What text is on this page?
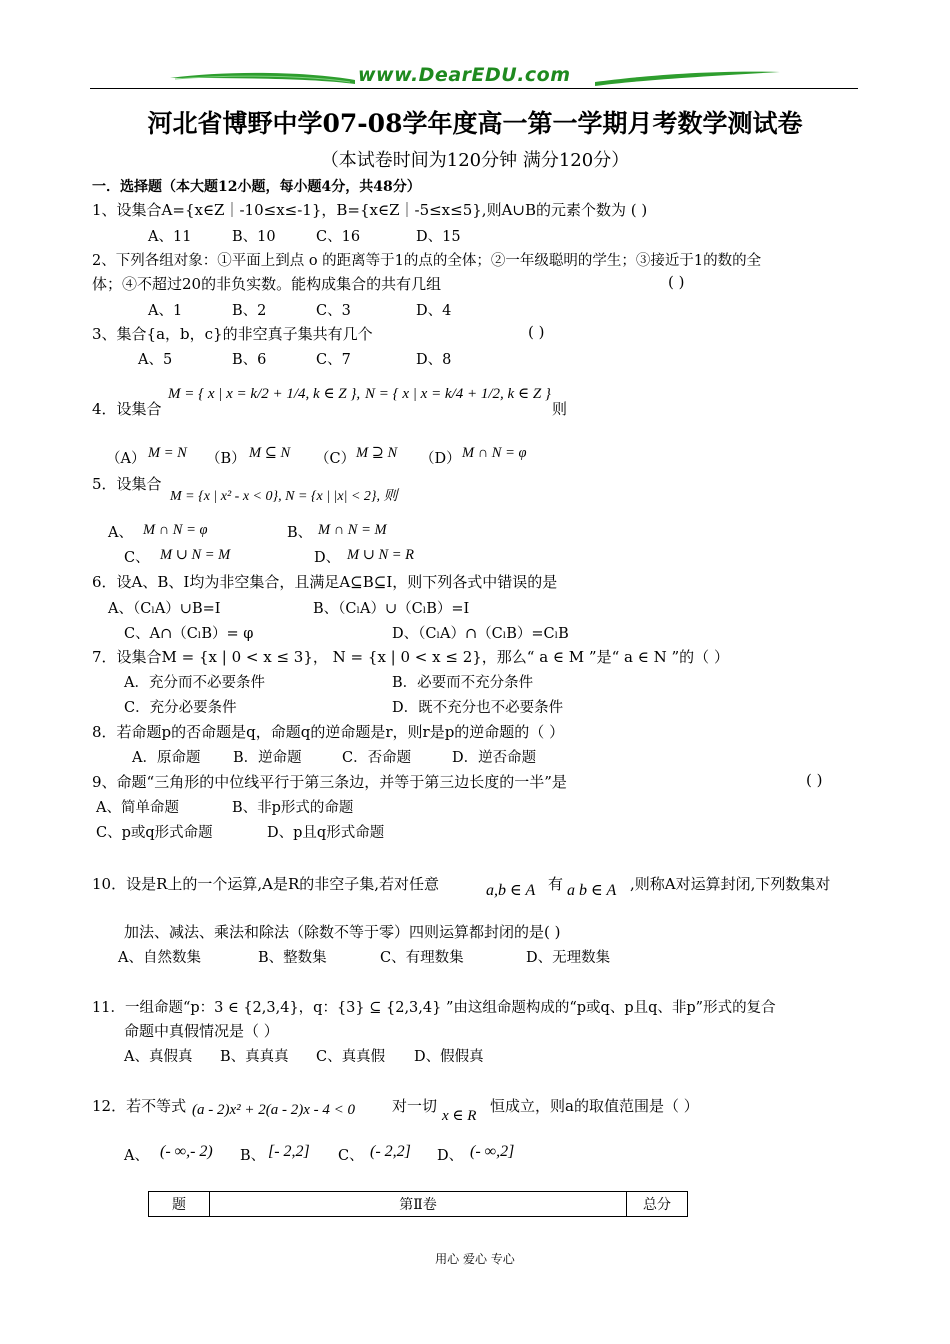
www.DearEDU.com
河北省博野中学07-08学年度高一第一学期月考数学测试卷
（本试卷时间为120分钟 满分120分）
一．选择题（本大题12小题，每小题4分，共48分）
1、设集合A={x∈Z｜-10≤x≤-1}，B={x∈Z｜-5≤x≤5},则A∪B的元素个数为 ( )
A、11	B、10	C、16	D、15
2、下列各组对象：①平面上到点 o 的距离等于1的点的全体；②一年级聪明的学生；③接近于1的数的全
体；④不超过20的非负实数。能构成集合的共有几组	( )
A、1	B、2	C、3	D、4
3、集合{a，b，c}的非空真子集共有几个	( )
A、5	B、6	C、7	D、8
4．设集合
M = { x | x = k/2 + 1/4, k ∈ Z }, N = { x | x = k/4 + 1/2, k ∈ Z }
则
（A） M = N （B） M ⊆ N （C） M ⊇ N （D） M ∩ N = φ
5．设集合
M = {x | x² - x < 0}, N = {x | |x| < 2}, 则
A、 M ∩ N = φ	B、 M ∩ N = M
C、 M ∪ N = M	D、 M ∪ N = R
6．设A、B、I均为非空集合，且满足A⊆B⊆I，则下列各式中错误的是
A、（CₗA）∪B=I	B、（CₗA）∪（CₗB）=I
C、A∩（CₗB）= φ	D、（CₗA）∩（CₗB）=CₗB
7．设集合M = {x | 0 < x ≤ 3}， N = {x | 0 < x ≤ 2}，那么“ a ∈ M ”是“ a ∈ N ”的（ ）
A．充分而不必要条件	B．必要而不充分条件
C．充分必要条件	D．既不充分也不必要条件
8．若命题p的否命题是q，命题q的逆命题是r，则r是p的逆命题的（ ）
A．原命题 B．逆命题	C．否命题	D．逆否命题
9、命题“三角形的中位线平行于第三条边，并等于第三边长度的一半”是	( )
A、简单命题	B、非p形式的命题
C、p或q形式命题	D、p且q形式命题
10．设是R上的一个运算,A是R的非空子集,若对任意	a,b ∈ A 有 a b ∈ A ,则称A对运算封闭,下列数集对
加法、减法、乘法和除法（除数不等于零）四则运算都封闭的是( )
A、自然数集	B、整数集	C、有理数集	D、无理数集
11．一组命题“p：3 ∈ {2,3,4}，q：{3} ⊆ {2,3,4} ”由这组命题构成的“p或q、p且q、非p”形式的复合
命题中真假情况是（ ）
A、真假真 B、真真真 C、真真假 D、假假真
12．若不等式 (a - 2)x² + 2(a - 2)x - 4 < 0 对一切
x ∈ R
恒成立，则a的取值范围是（ ）
A、 (- ∞,- 2) B、 [- 2,2] C、 (- 2,2] D、 (- ∞,2]
题	第Ⅱ卷	总分
用心 爱心 专心
